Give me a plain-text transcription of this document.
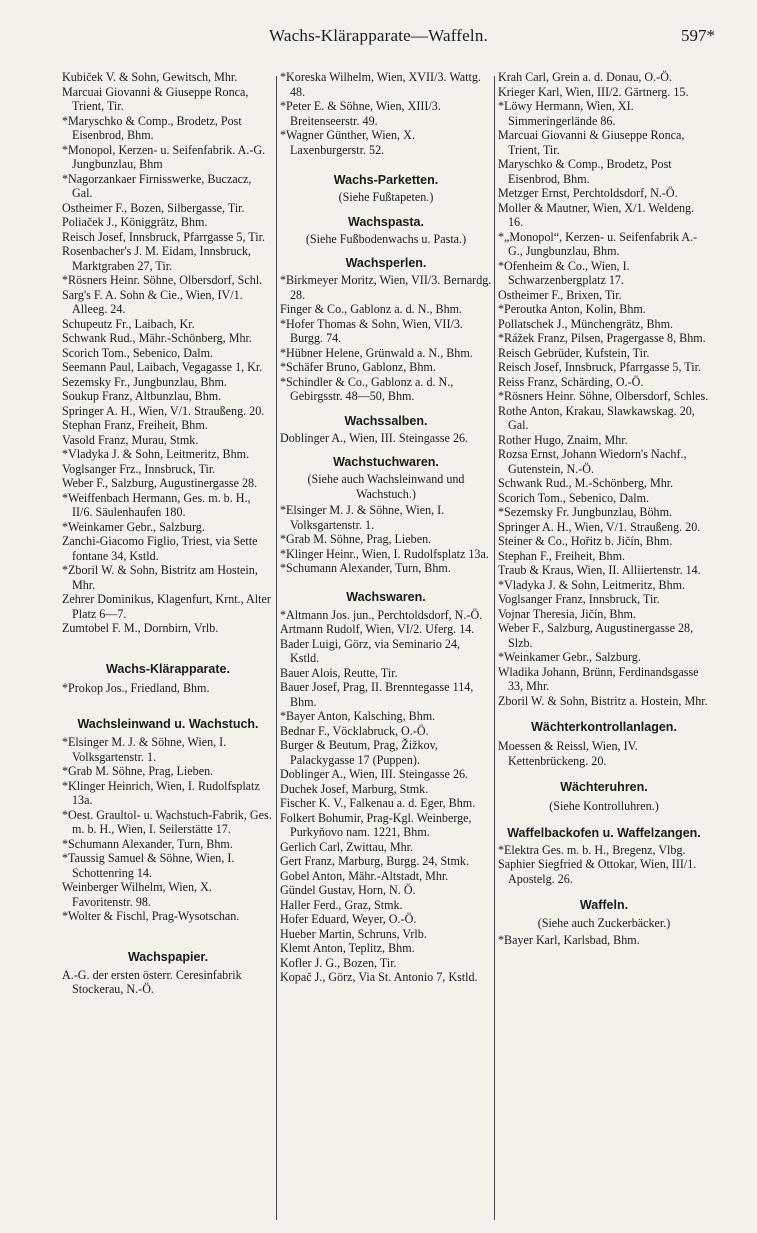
Wachs-Klärapparate—Waffeln.	597*
Kubiček V. & Sohn, Gewitsch, Mhr.
Marcuai Giovanni & Giuseppe Ronca, Trient, Tir.
*Maryschko & Comp., Brodetz, Post Eisenbrod, Bhm.
*Monopol, Kerzen- u. Seifenfabrik. A.-G. Jungbunzlau, Bhm
*Nagorzankaer Firnisswerke, Buczacz, Gal.
Ostheimer F., Bozen, Silbergasse, Tir.
Poliaček J., Königgrätz, Bhm.
Reisch Josef, Innsbruck, Pfarrgasse 5, Tir.
Rosenbacher's J. M. Eidam, Innsbruck, Marktgraben 27, Tir.
*Rösners Heinr. Söhne, Olbersdorf, Schl.
Sarg's F. A. Sohn & Cie., Wien, IV/1. Alleeg. 24.
Schupeutz Fr., Laibach, Kr.
Schwank Rud., Mähr.-Schönberg, Mhr.
Scorich Tom., Sebenico, Dalm.
Seemann Paul, Laibach, Vegagasse 1, Kr.
Sezemsky Fr., Jungbunzlau, Bhm.
Soukup Franz, Altbunzlau, Bhm.
Springer A. H., Wien, V/1. Straußeng. 20.
Stephan Franz, Freiheit, Bhm.
Vasold Franz, Murau, Stmk.
*Vladyka J. & Sohn, Leitmeritz, Bhm.
Voglsanger Frz., Innsbruck, Tir.
Weber F., Salzburg, Augustinergasse 28.
*Weiffenbach Hermann, Ges. m. b. H., II/6. Säulenhaufen 180.
*Weinkamer Gebr., Salzburg.
Zanchi-Giacomo Figlio, Triest, via Sette fontane 34, Kstld.
*Zboril W. & Sohn, Bistritz am Hostein, Mhr.
Zehrer Dominikus, Klagenfurt, Krnt., Alter Platz 6—7.
Zumtobel F. M., Dornbirn, Vrlb.
Wachs-Klärapparate.
*Prokop Jos., Friedland, Bhm.
Wachsleinwand u. Wachstuch.
*Elsinger M. J. & Söhne, Wien, I. Volksgartenstr. 1.
*Grab M. Söhne, Prag, Lieben.
*Klinger Heinrich, Wien, I. Rudolfsplatz 13a.
*Oest. Graultol- u. Wachstuch-Fabrik, Ges. m. b. H., Wien, I. Seilerstätte 17.
*Schumann Alexander, Turn, Bhm.
*Taussig Samuel & Söhne, Wien, I. Schottenring 14.
Weinberger Wilhelm, Wien, X. Favoritenstr. 98.
*Wolter & Fischl, Prag-Wysotschan.
Wachspapier.
A.-G. der ersten österr. Ceresinfabrik Stockerau, N.-Ö.
*Koreska Wilhelm, Wien, XVII/3. Wattg. 48.
*Peter E. & Söhne, Wien, XIII/3. Breitenseerstr. 49.
*Wagner Günther, Wien, X. Laxenburgerstr. 52.
Wachs-Parketten.
(Siehe Fußtapeten.)
Wachspasta.
(Siehe Fußbodenwachs u. Pasta.)
Wachsperlen.
*Birkmeyer Moritz, Wien, VII/3. Bernardg. 28.
Finger & Co., Gablonz a. d. N., Bhm.
*Hofer Thomas & Sohn, Wien, VII/3. Burgg. 74.
*Hübner Helene, Grünwald a. N., Bhm.
*Schäfer Bruno, Gablonz, Bhm.
*Schindler & Co., Gablonz a. d. N., Gebirgsstr. 48—50, Bhm.
Wachssalben.
Doblinger A., Wien, III. Steingasse 26.
Wachstuchwaren.
(Siehe auch Wachsleinwand und Wachstuch.)
*Elsinger M. J. & Söhne, Wien, I. Volksgartenstr. 1.
*Grab M. Söhne, Prag, Lieben.
*Klinger Heinr., Wien, I. Rudolfsplatz 13a.
*Schumann Alexander, Turn, Bhm.
Wachswaren.
*Altmann Jos. jun., Perchtoldsdorf, N.-Ö.
Artmann Rudolf, Wien, VI/2. Uferg. 14.
Bader Luigi, Görz, via Seminario 24, Kstld.
Bauer Alois, Reutte, Tir.
Bauer Josef, Prag, II. Brenntegasse 114, Bhm.
*Bayer Anton, Kalsching, Bhm.
Bednar F., Vöcklabruck, O.-Ö.
Burger & Beutum, Prag, Žižkov, Palackygasse 17 (Puppen).
Doblinger A., Wien, III. Steingasse 26.
Duchek Josef, Marburg, Stmk.
Fischer K. V., Falkenau a. d. Eger, Bhm.
Folkert Bohumir, Prag-Kgl. Weinberge, Purkyňovo nam. 1221, Bhm.
Gerlich Carl, Zwittau, Mhr.
Gert Franz, Marburg, Burgg. 24, Stmk.
Gobel Anton, Mähr.-Altstadt, Mhr.
Gündel Gustav, Horn, N. Ö.
Haller Ferd., Graz, Stmk.
Hofer Eduard, Weyer, O.-Ö.
Hueber Martin, Schruns, Vrlb.
Klemt Anton, Teplitz, Bhm.
Kofler J. G., Bozen, Tir.
Kopač J., Görz, Via St. Antonio 7, Kstld.
Krah Carl, Grein a. d. Donau, O.-Ö.
Krieger Karl, Wien, III/2. Gärtnerg. 15.
*Löwy Hermann, Wien, XI. Simmeringerlände 86.
Marcuai Giovanni & Giuseppe Ronca, Trient, Tir.
Maryschko & Comp., Brodetz, Post Eisenbrod, Bhm.
Metzger Ernst, Perchtoldsdorf, N.-Ö.
Moller & Mautner, Wien, X/1. Weldeng. 16.
*„Monopol“, Kerzen- u. Seifenfabrik A.-G., Jungbunzlau, Bhm.
*Ofenheim & Co., Wien, I. Schwarzenbergplatz 17.
Ostheimer F., Brixen, Tir.
*Peroutka Anton, Kolin, Bhm.
Pollatschek J., Münchengrätz, Bhm.
*Rážek Franz, Pilsen, Pragergasse 8, Bhm.
Reisch Gebrüder, Kufstein, Tir.
Reisch Josef, Innsbruck, Pfarrgasse 5, Tir.
Reiss Franz, Schärding, O.-Ö.
*Rösners Heinr. Söhne, Olbersdorf, Schles.
Rothe Anton, Krakau, Slawkawskag. 20, Gal.
Rother Hugo, Znaim, Mhr.
Rozsa Ernst, Johann Wiedorn's Nachf., Gutenstein, N.-Ö.
Schwank Rud., M.-Schönberg, Mhr.
Scorich Tom., Sebenico, Dalm.
*Sezemsky Fr. Jungbunzlau, Böhm.
Springer A. H., Wien, V/1. Straußeng. 20.
Steiner & Co., Hořitz b. Jičín, Bhm.
Stephan F., Freiheit, Bhm.
Traub & Kraus, Wien, II. Alliiertenstr. 14.
*Vladyka J. & Sohn, Leitmeritz, Bhm.
Voglsanger Franz, Innsbruck, Tir.
Vojnar Theresia, Jičín, Bhm.
Weber F., Salzburg, Augustinergasse 28, Slzb.
*Weinkamer Gebr., Salzburg.
Wladika Johann, Brünn, Ferdinandsgasse 33, Mhr.
Zboril W. & Sohn, Bistritz a. Hostein, Mhr.
Wächterkontrollanlagen.
Moessen & Reissl, Wien, IV. Kettenbrückeng. 20.
Wächteruhren.
(Siehe Kontrolluhren.)
Waffelbackofen u. Waffelzangen.
*Elektra Ges. m. b. H., Bregenz, Vlbg.
Saphier Siegfried & Ottokar, Wien, III/1. Apostelg. 26.
Waffeln.
(Siehe auch Zuckerbäcker.)
*Bayer Karl, Karlsbad, Bhm.
